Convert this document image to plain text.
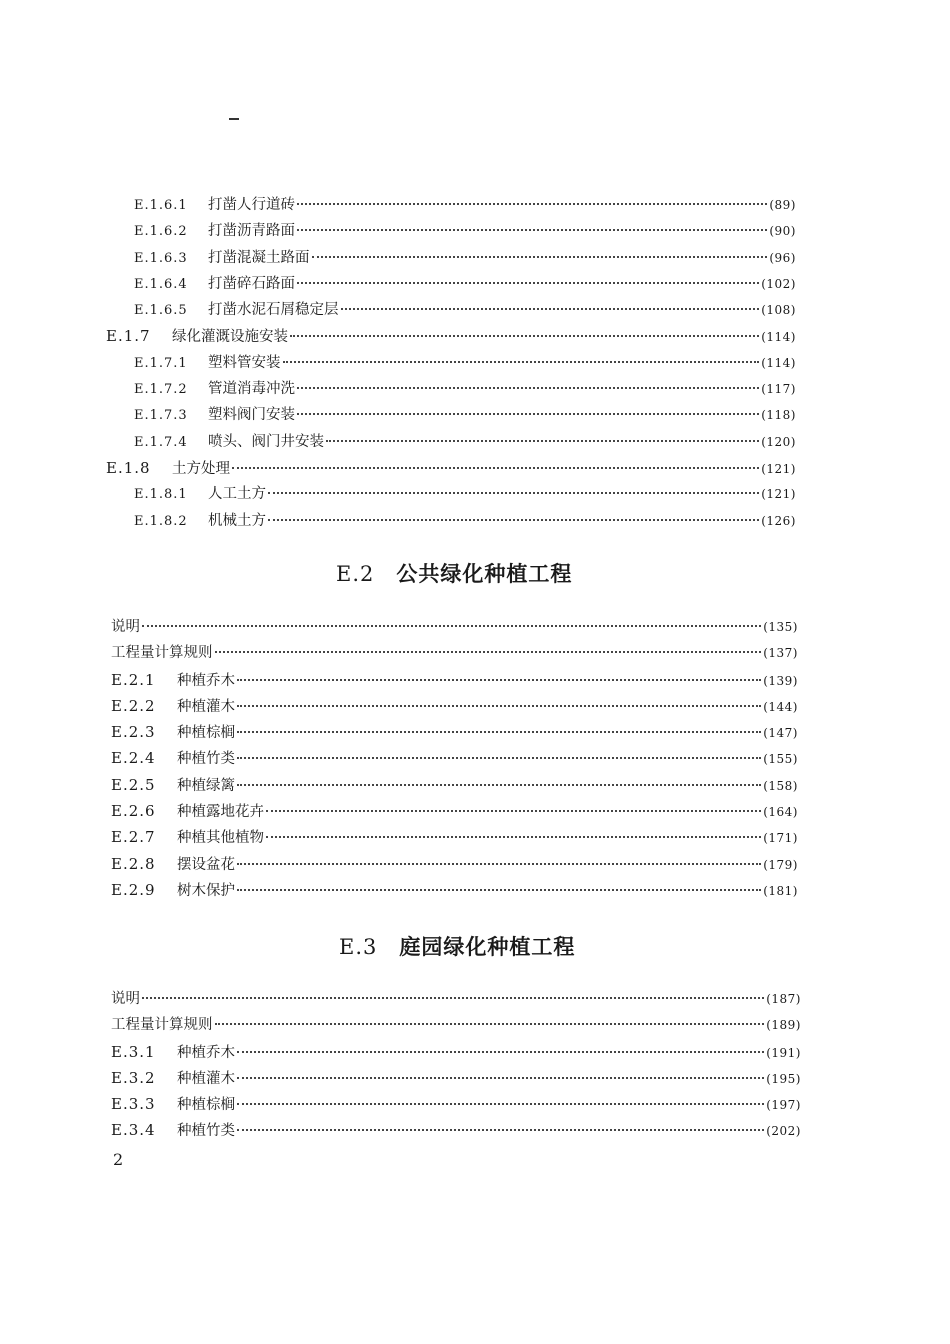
E.1.6.1	打凿人行道砖	(89)
E.1.6.2	打凿沥青路面	(90)
E.1.6.3	打凿混凝土路面	(96)
E.1.6.4	打凿碎石路面	(102)
E.1.6.5	打凿水泥石屑稳定层	(108)
E.1.7	绿化灌溉设施安装	(114)
E.1.7.1	塑料管安装	(114)
E.1.7.2	管道消毒冲洗	(117)
E.1.7.3	塑料阀门安装	(118)
E.1.7.4	喷头、阀门井安装	(120)
E.1.8	土方处理	(121)
E.1.8.1	人工土方	(121)
E.1.8.2	机械土方	(126)
E.2 公共绿化种植工程
说明	(135)
工程量计算规则	(137)
E.2.1	种植乔木	(139)
E.2.2	种植灌木	(144)
E.2.3	种植棕榈	(147)
E.2.4	种植竹类	(155)
E.2.5	种植绿篱	(158)
E.2.6	种植露地花卉	(164)
E.2.7	种植其他植物	(171)
E.2.8	摆设盆花	(179)
E.2.9	树木保护	(181)
E.3 庭园绿化种植工程
说明	(187)
工程量计算规则	(189)
E.3.1	种植乔木	(191)
E.3.2	种植灌木	(195)
E.3.3	种植棕榈	(197)
E.3.4	种植竹类	(202)
2
